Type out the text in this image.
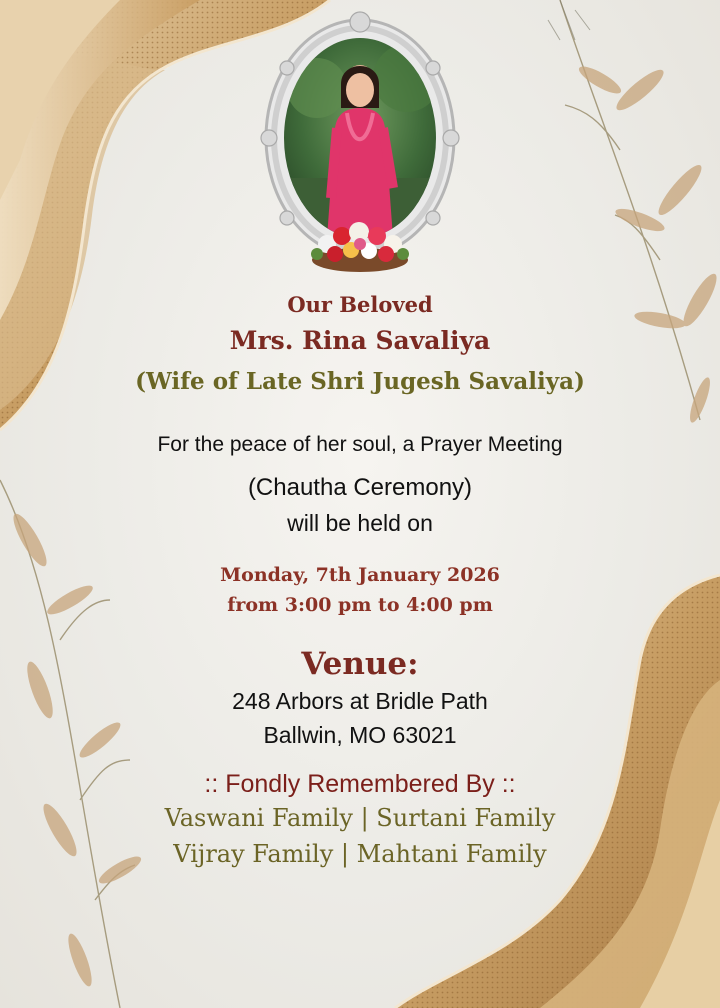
Our Beloved
Mrs. Rina Savaliya
(Wife of Late Shri Jugesh Savaliya)
For the peace of her soul, a Prayer Meeting
(Chautha Ceremony)
will be held on
Monday, 7th January 2026
from 3:00 pm to 4:00 pm
Venue:
248 Arbors at Bridle Path
Ballwin, MO 63021
:: Fondly Remembered By ::
Vaswani Family | Surtani Family
Vijray Family | Mahtani Family
